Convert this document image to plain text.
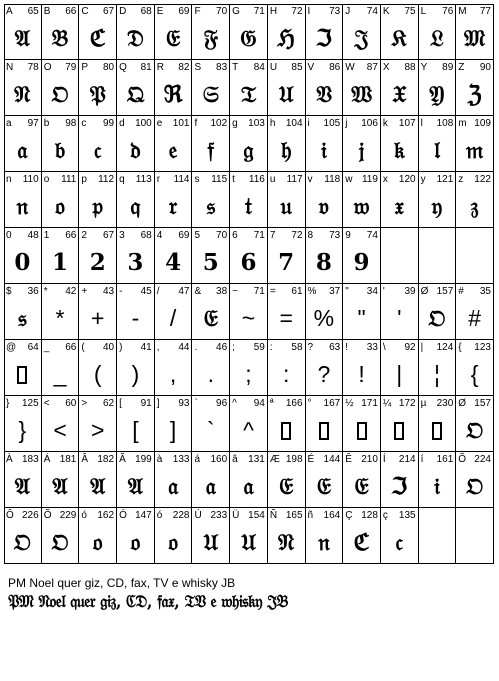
A 65
𝔄
B 66
𝔅
C 67
ℭ
D 68
𝔇
E 69
𝔈
F 70
𝔉
G 71
𝔊
H 72
ℌ
I 73
ℑ
J 74
𝔍
K 75
𝔎
L 76
𝔏
M 77
𝔐
N 78
𝔑
O 79
𝔒
P 80
𝔓
Q 81
𝔔
R 82
ℜ
S 83
𝔖
T 84
𝔗
U 85
𝔘
V 86
𝔙
W 87
𝔚
X 88
𝔛
Y 89
𝔜
Z 90
ℨ
a 97
𝔞
b 98
𝔟
c 99
𝔠
d 100
𝔡
e 101
𝔢
f 102
𝔣
g 103
𝔤
h 104
𝔥
i 105
𝔦
j 106
𝔧
k 107
𝔨
l 108
𝔩
m 109
𝔪
n 110
𝔫
o 111
𝔬
p 112
𝔭
q 113
𝔮
r 114
𝔯
s 115
𝔰
t 116
𝔱
u 117
𝔲
v 118
𝔳
w 119
𝔴
x 120
𝔵
y 121
𝔶
z 122
𝔷
0 48
0
1 66
1
2 67
2
3 68
3
4 69
4
5 70
5
6 71
6
7 72
7
8 73
8
9 74
9
$ 36
𝔰
* 42
*
+ 43
+
- 45
-
/ 47
/
& 38
𝔈
~ 71
~
= 61
=
% 37
%
" 34
"
' 39
'
Ø 157
𝔒
# 35
#
@ 64 _ 66
_
( 40
(
) 41
)
, 44
,
. 46
.
; 59
;
: 58
:
? 63
?
! 33
!
\ 92
|
| 124
¦
{ 123
{
} 125
}
< 60
<
> 62
>
[ 91
[
] 93
]
` 96
`
^ 94
^
ª 166 ° 167 ½ 171 ¼ 172 µ 230 Ø 157
𝔒
À 183
𝔄
Á 181
𝔄
Â 182
𝔄
Ã 199
𝔄
à 133
𝔞
á 160
𝔞
â 131
𝔞
Æ 198
𝔈
É 144
𝔈
Ê 210
𝔈
Í 214
ℑ
í 161
𝔦
Õ 224
𝔒
Ô 226
𝔒
Õ 229
𝔒
ó 162
𝔬
Ó 147
𝔬
ó 228
𝔬
Ú 233
𝔘
Ü 154
𝔘
Ñ 165
𝔑
ñ 164
𝔫
Ç 128
ℭ
ç 135
𝔠
PM Noel quer giz, CD, fax, TV e whisky JB
𝔓𝔐 𝔑𝔬𝔢𝔩 𝔮𝔲𝔢𝔯 𝔤𝔦𝔷, ℭ𝔇, 𝔣𝔞𝔵, 𝔗𝔙 𝔢 𝔴𝔥𝔦𝔰𝔨𝔶 𝔍𝔅
